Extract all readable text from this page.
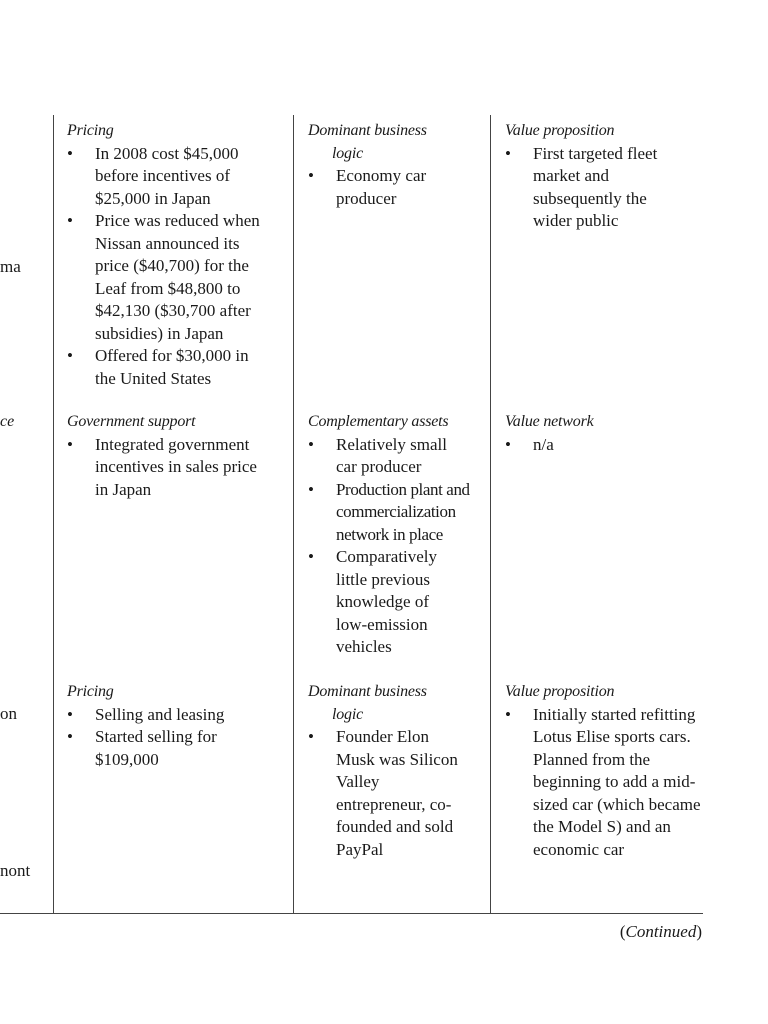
ma
ce
on
nont
Pricing
• In 2008 cost $45,000 before incentives of $25,000 in Japan
• Price was reduced when Nissan announced its price ($40,700) for the Leaf from $48,800 to $42,130 ($30,700 after subsidies) in Japan
• Offered for $30,000 in the United States
Dominant business
logic
• Economy car producer
Value proposition
• First targeted fleet market and subsequently the wider public
Government support
• Integrated government incentives in sales price in Japan
Complementary assets
• Relatively small car producer
• Production plant and commercialization network in place
• Comparatively little previous knowledge of low-emission vehicles
Value network
• n/a
Pricing
• Selling and leasing
• Started selling for $109,000
Dominant business
logic
• Founder Elon Musk was Silicon Valley entrepreneur, co-founded and sold PayPal
Value proposition
• Initially started refitting Lotus Elise sports cars. Planned from the beginning to add a mid-sized car (which became the Model S) and an economic car
(Continued)
